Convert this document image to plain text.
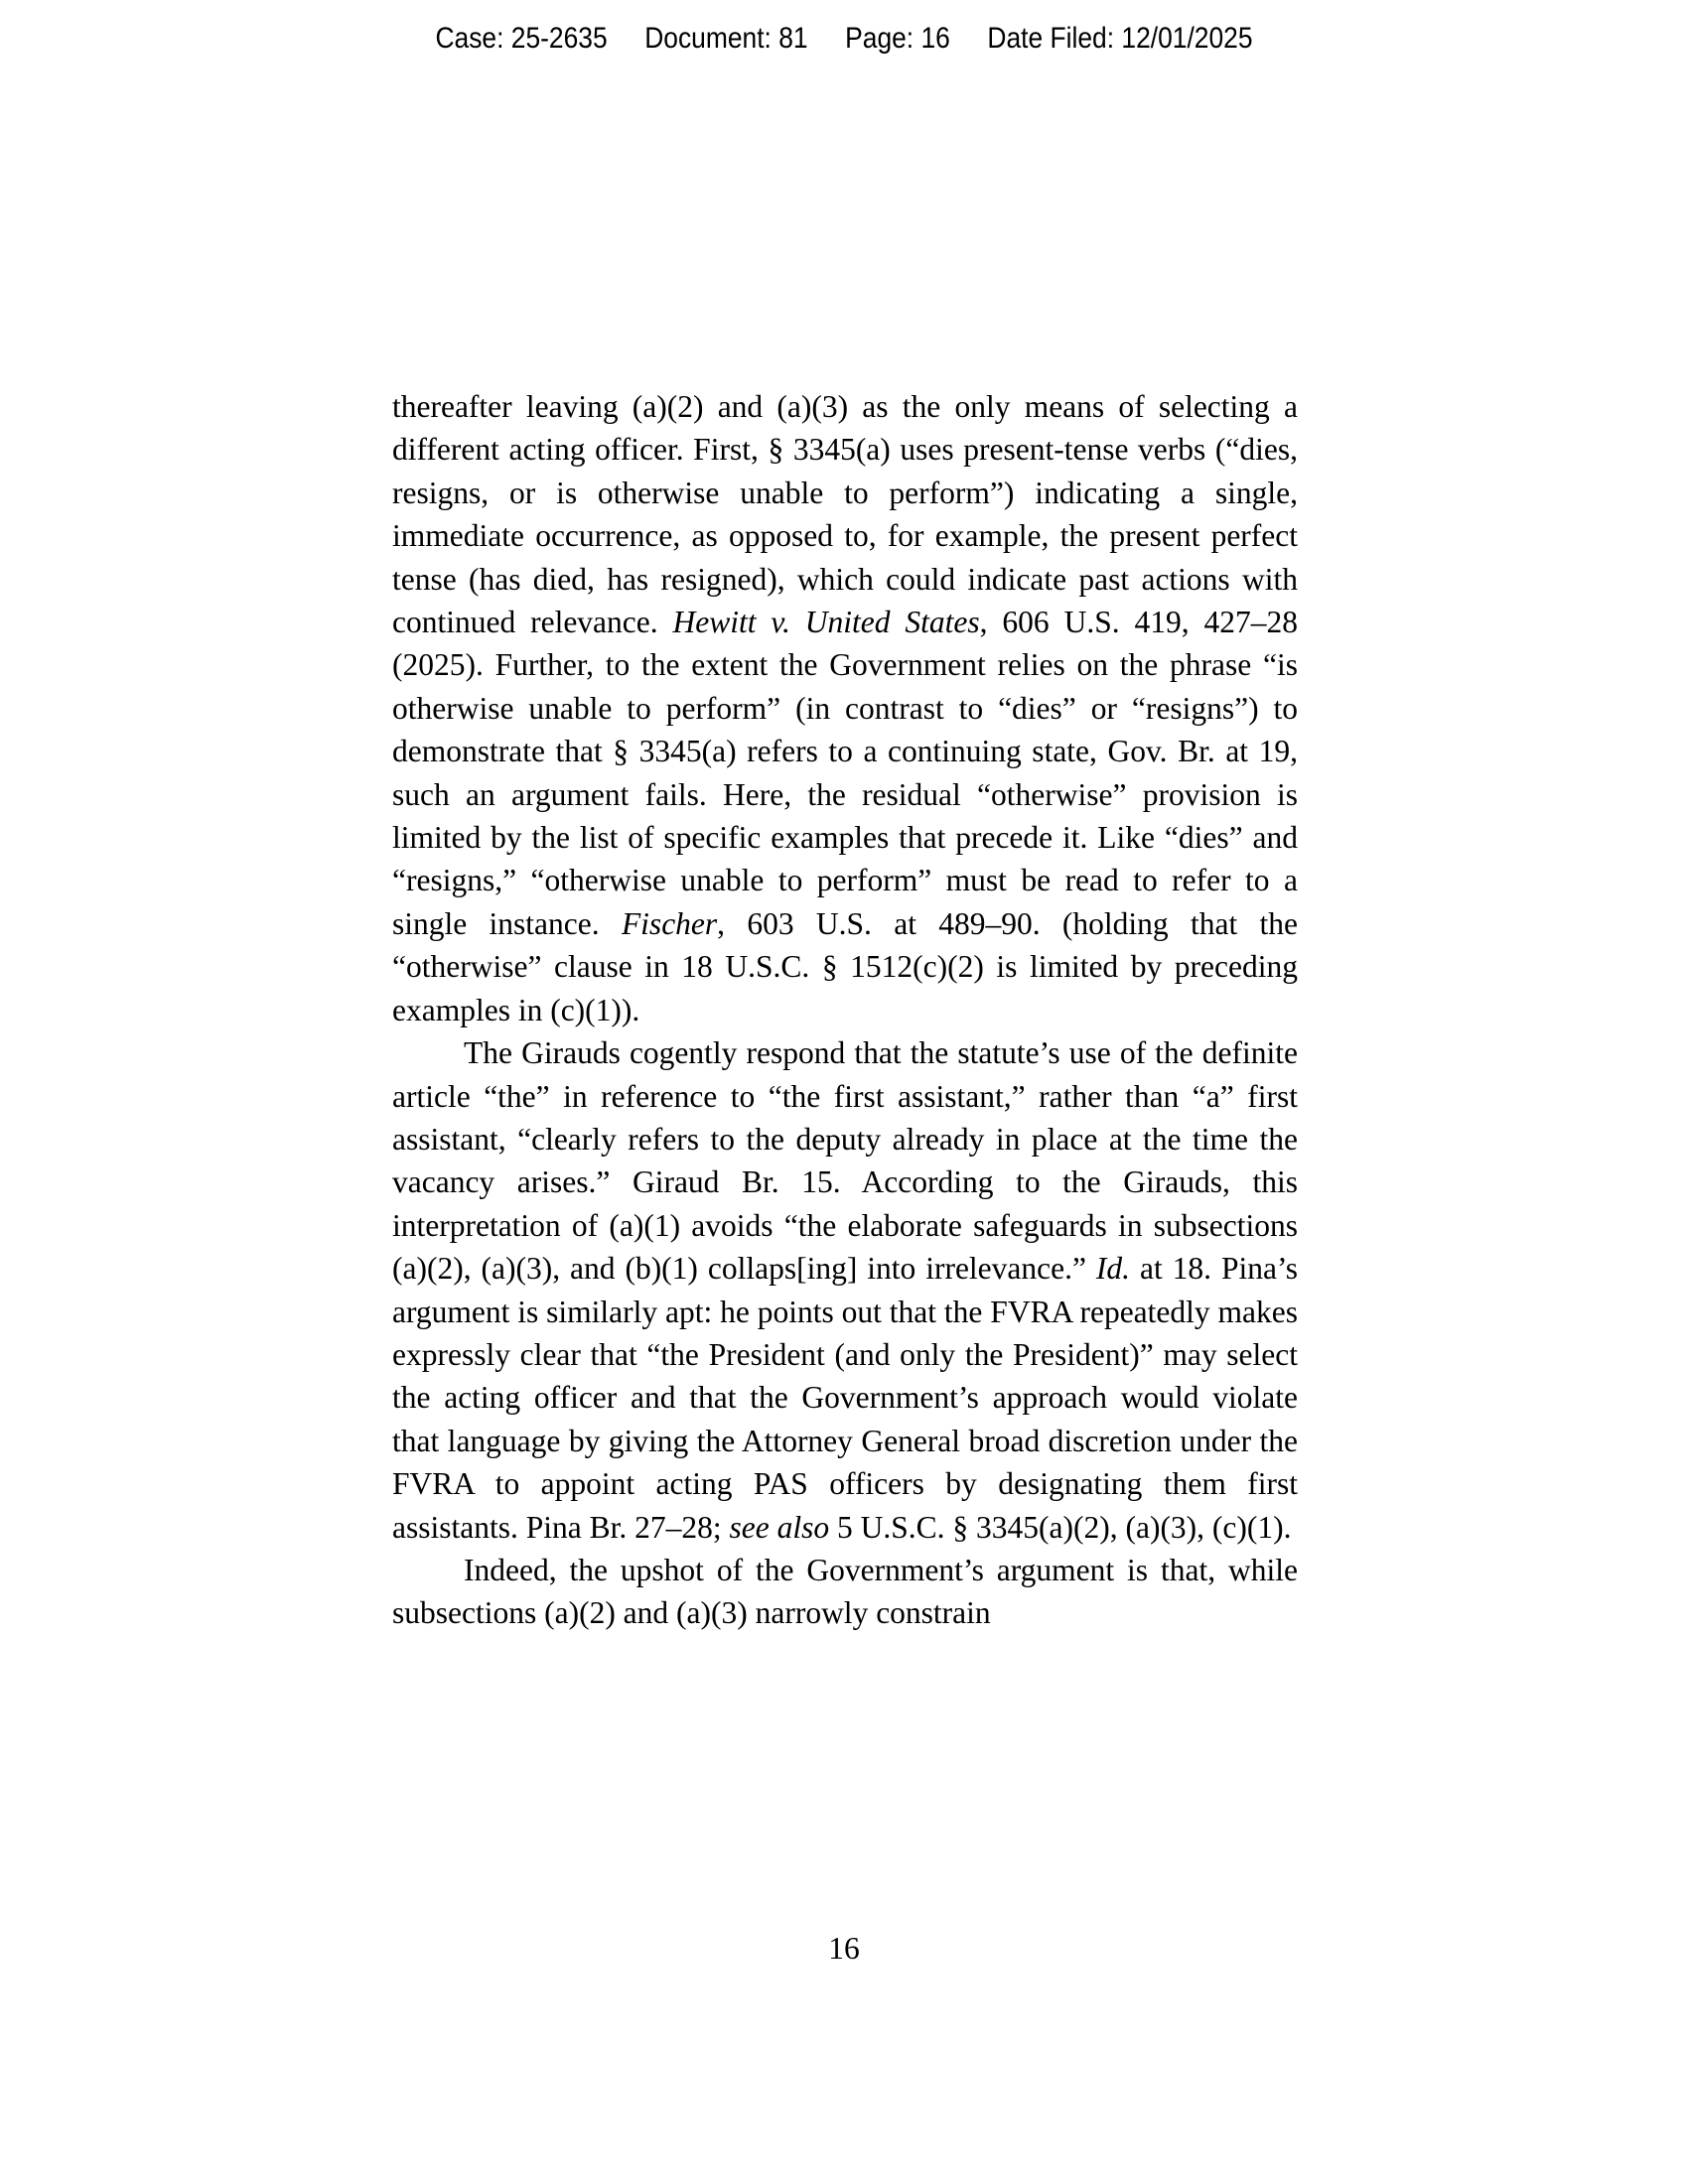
Case: 25-2635 Document: 81 Page: 16 Date Filed: 12/01/2025

thereafter leaving (a)(2) and (a)(3) as the only means of selecting a different acting officer. First, § 3345(a) uses present-tense verbs (“dies, resigns, or is otherwise unable to perform”) indicating a single, immediate occurrence, as opposed to, for example, the present perfect tense (has died, has resigned), which could indicate past actions with continued relevance. Hewitt v. United States, 606 U.S. 419, 427–28 (2025). Further, to the extent the Government relies on the phrase “is otherwise unable to perform” (in contrast to “dies” or “resigns”) to demonstrate that § 3345(a) refers to a continuing state, Gov. Br. at 19, such an argument fails. Here, the residual “otherwise” provision is limited by the list of specific examples that precede it. Like “dies” and “resigns,” “otherwise unable to perform” must be read to refer to a single instance. Fischer, 603 U.S. at 489–90. (holding that the “otherwise” clause in 18 U.S.C. § 1512(c)(2) is limited by preceding examples in (c)(1)).

The Girauds cogently respond that the statute’s use of the definite article “the” in reference to “the first assistant,” rather than “a” first assistant, “clearly refers to the deputy already in place at the time the vacancy arises.” Giraud Br. 15. According to the Girauds, this interpretation of (a)(1) avoids “the elaborate safeguards in subsections (a)(2), (a)(3), and (b)(1) collaps[ing] into irrelevance.” Id. at 18. Pina’s argument is similarly apt: he points out that the FVRA repeatedly makes expressly clear that “the President (and only the President)” may select the acting officer and that the Government’s approach would violate that language by giving the Attorney General broad discretion under the FVRA to appoint acting PAS officers by designating them first assistants. Pina Br. 27–28; see also 5 U.S.C. § 3345(a)(2), (a)(3), (c)(1).

Indeed, the upshot of the Government’s argument is that, while subsections (a)(2) and (a)(3) narrowly constrain

16
